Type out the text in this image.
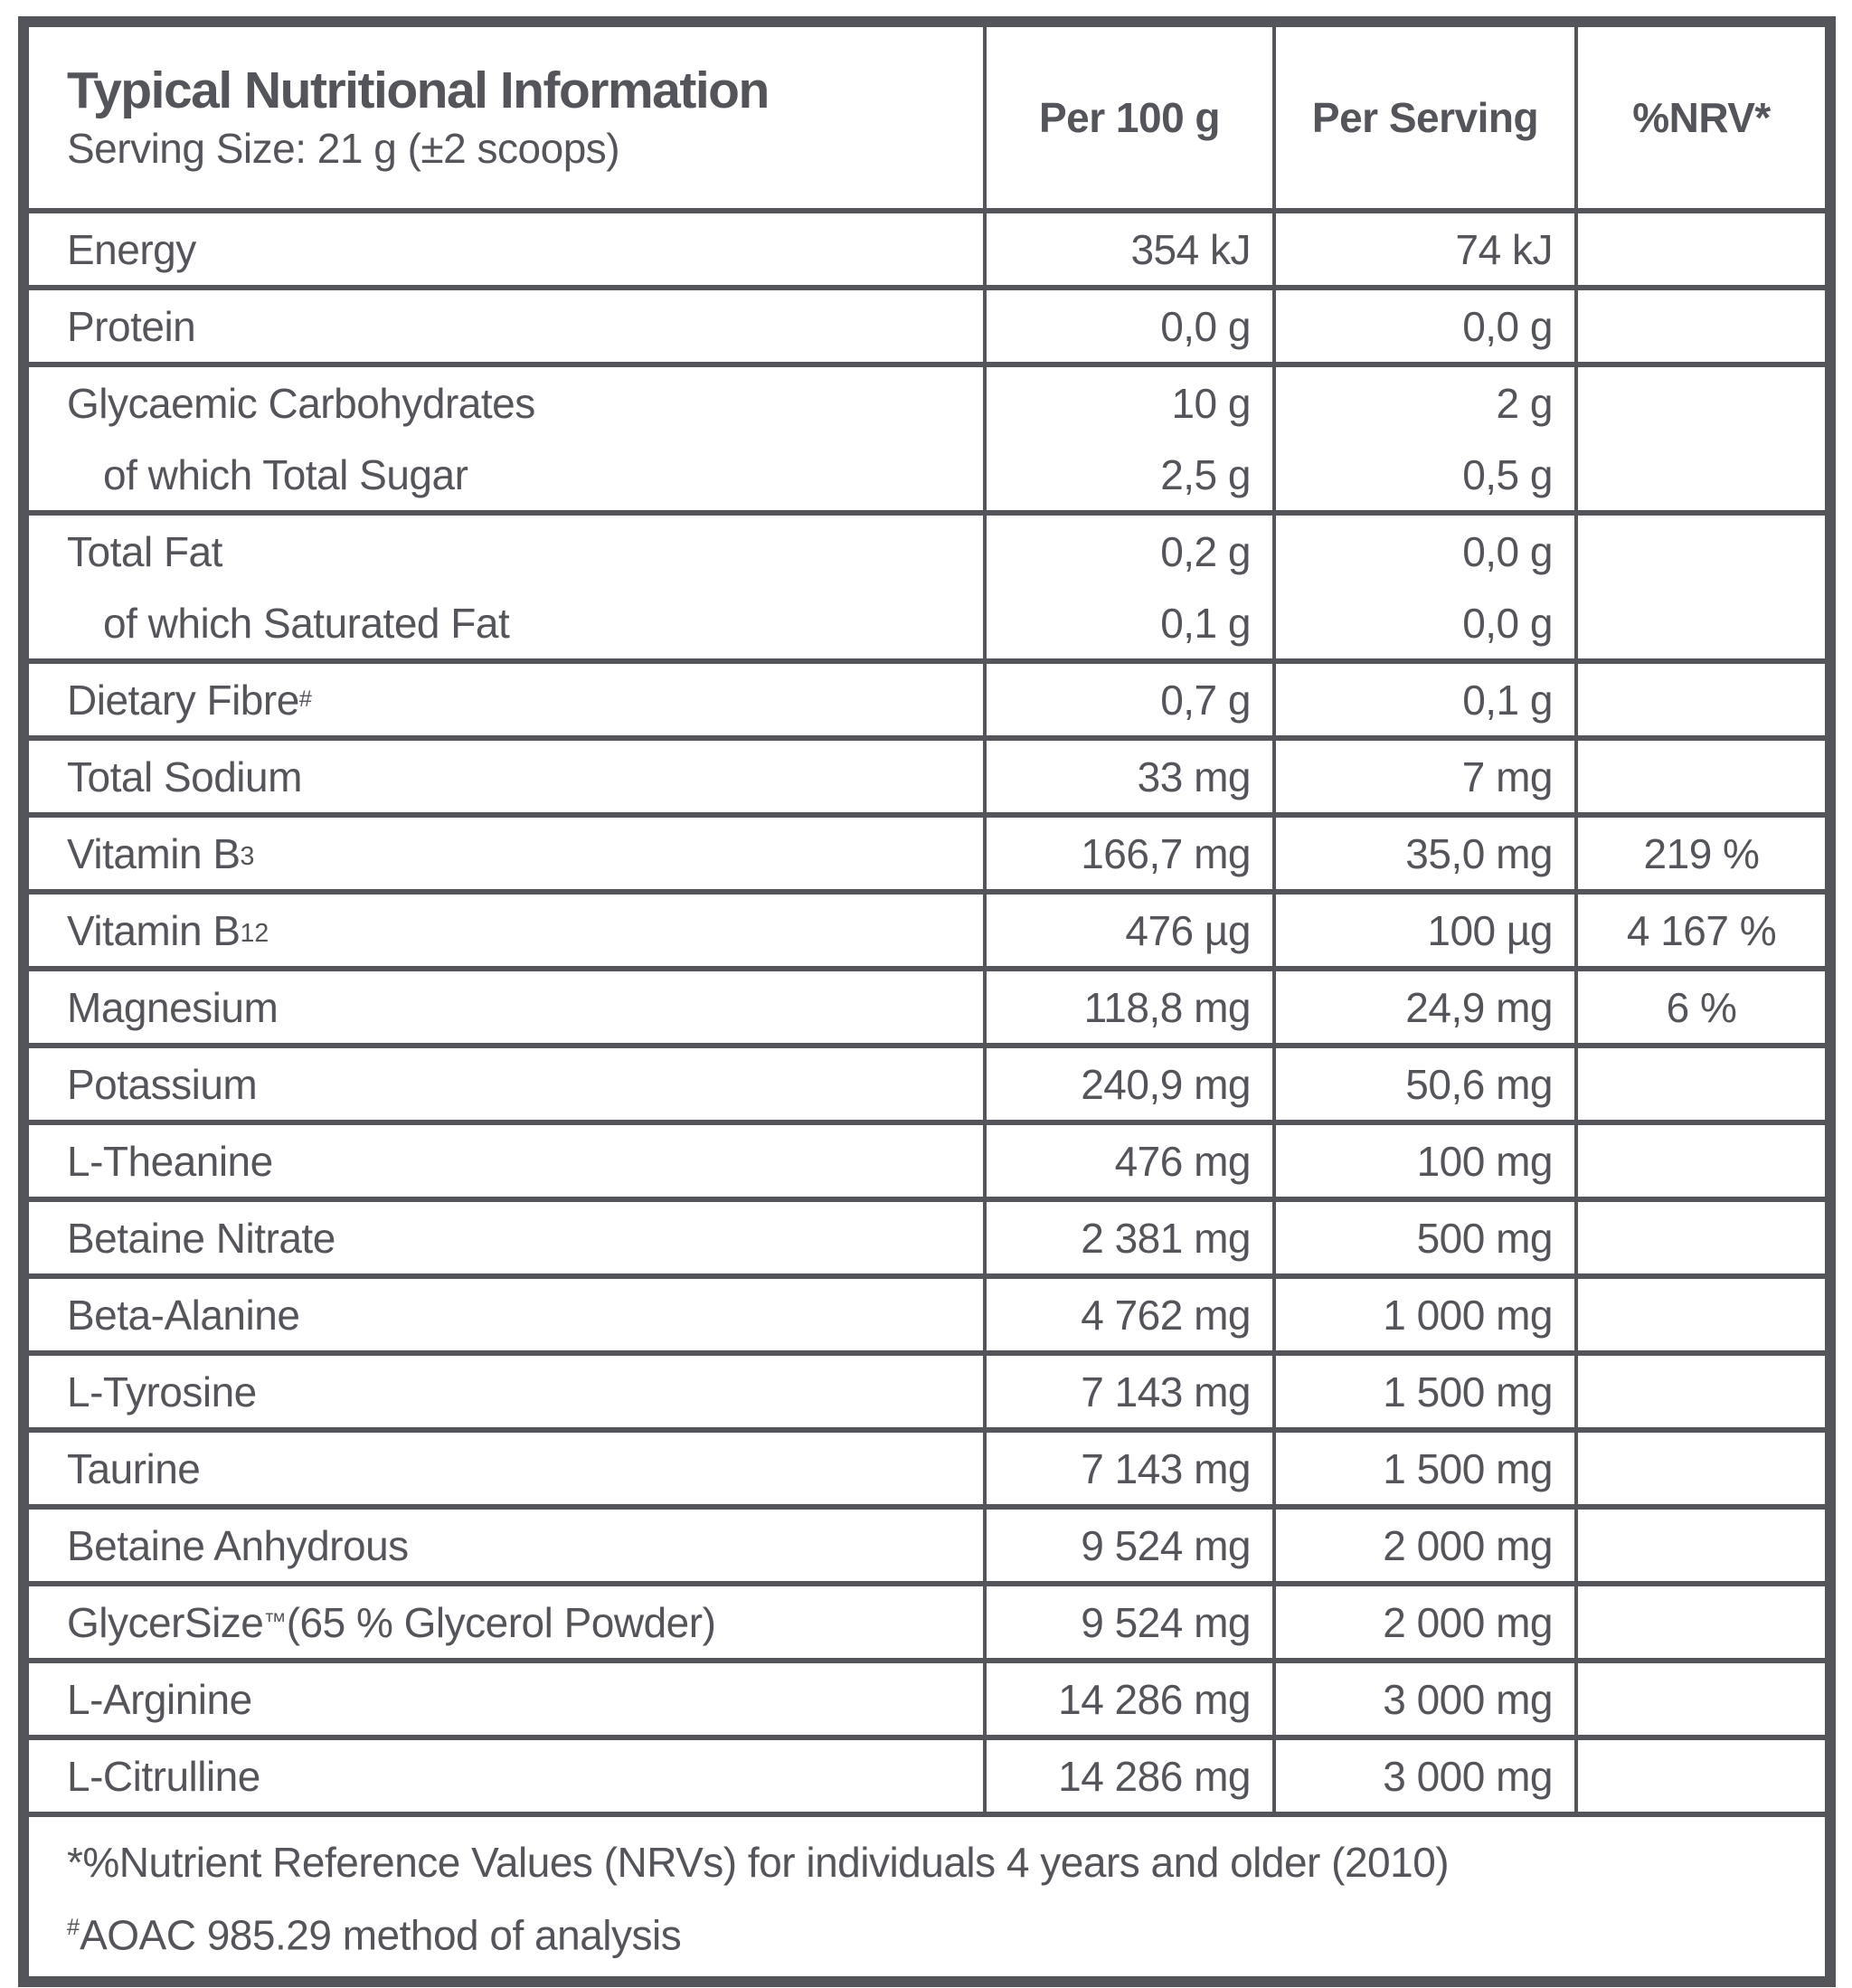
Typical Nutritional Information
Serving Size: 21 g (±2 scoops)
Per 100 g	Per Serving	%NRV*
Energy	354 kJ	74 kJ
Protein	0,0 g	0,0 g
Glycaemic Carbohydrates	10 g	2 g
of which Total Sugar	2,5 g	0,5 g
Total Fat	0,2 g	0,0 g
of which Saturated Fat	0,1 g	0,0 g
Dietary Fibre #	0,7 g	0,1 g
Total Sodium	33 mg	7 mg
Vitamin $B_3$	166,7 mg	35,0 mg	219 %
Vitamin $B_{12}$	476 µg	100 µg	4 167 %
Magnesium	118,8 mg	24,9 mg	6 %
Potassium	240,9 mg	50,6 mg
L-Theanine	476 mg	100 mg
Betaine Nitrate	2 381 mg	500 mg
Beta-Alanine	4 762 mg	1 000 mg
L-Tyrosine	7 143 mg	1 500 mg
Taurine	7 143 mg	1 500 mg
Betaine Anhydrous	9 524 mg	2 000 mg
GlycerSize ™ (65 % Glycerol Powder)	9 524 mg	2 000 mg
L-Arginine	14 286 mg	3 000 mg
L-Citrulline	14 286 mg	3 000 mg
*%Nutrient Reference Values (NRVs) for individuals 4 years and older (2010)
#AOAC 985.29 method of analysis
